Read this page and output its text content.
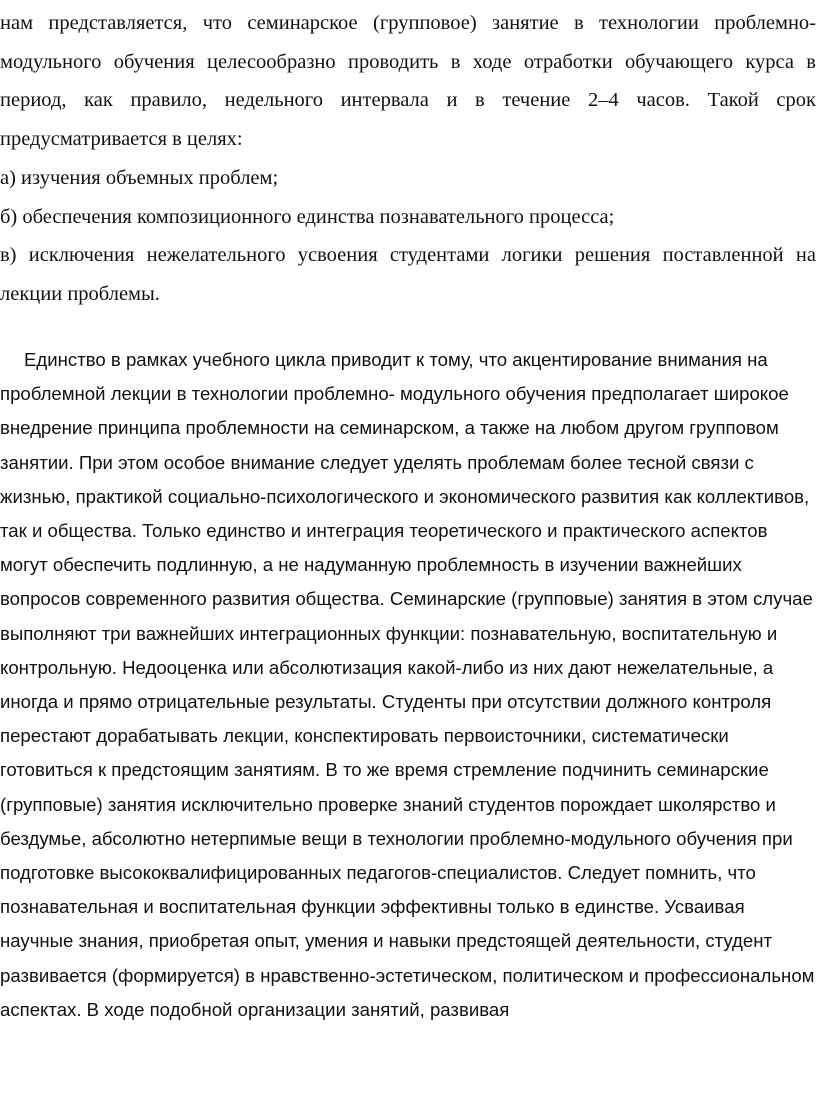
нам представляется, что семинарское (групповое) занятие в технологии проблемно-модульного обучения целесообразно проводить в ходе отработки обучающего курса в период, как правило, недельного интервала и в течение 2–4 часов. Такой срок предусматривается в целях:

а) изучения объемных проблем;

б) обеспечения композиционного единства познавательного процесса;

в) исключения нежелательного усвоения студентами логики решения поставленной на лекции проблемы.

Единство в рамках учебного цикла приводит к тому, что акцентирование внимания на проблемной лекции в технологии проблемно- модульного обучения предполагает широкое внедрение принципа проблемности на семинарском, а также на любом другом групповом занятии. При этом особое внимание следует уделять проблемам более тесной связи с жизнью, практикой социально-психологического и экономического развития как коллективов, так и общества. Только единство и интеграция теоретического и практического аспектов могут обеспечить подлинную, а не надуманную проблемность в изучении важнейших вопросов современного развития общества. Семинарские (групповые) занятия в этом случае выполняют три важнейших интеграционных функции: познавательную, воспитательную и контрольную. Недооценка или абсолютизация какой-либо из них дают нежелательные, а иногда и прямо отрицательные результаты. Студенты при отсутствии должного контроля перестают дорабатывать лекции, конспектировать первоисточники, систематически готовиться к предстоящим занятиям. В то же время стремление подчинить семинарские (групповые) занятия исключительно проверке знаний студентов порождает школярство и бездумье, абсолютно нетерпимые вещи в технологии проблемно-модульного обучения при подготовке высококвалифицированных педагогов-специалистов. Следует помнить, что познавательная и воспитательная функции эффективны только в единстве. Усваивая научные знания, приобретая опыт, умения и навыки предстоящей деятельности, студент развивается (формируется) в нравственно-эстетическом, политическом и профессиональном аспектах. В ходе подобной организации занятий, развивая
